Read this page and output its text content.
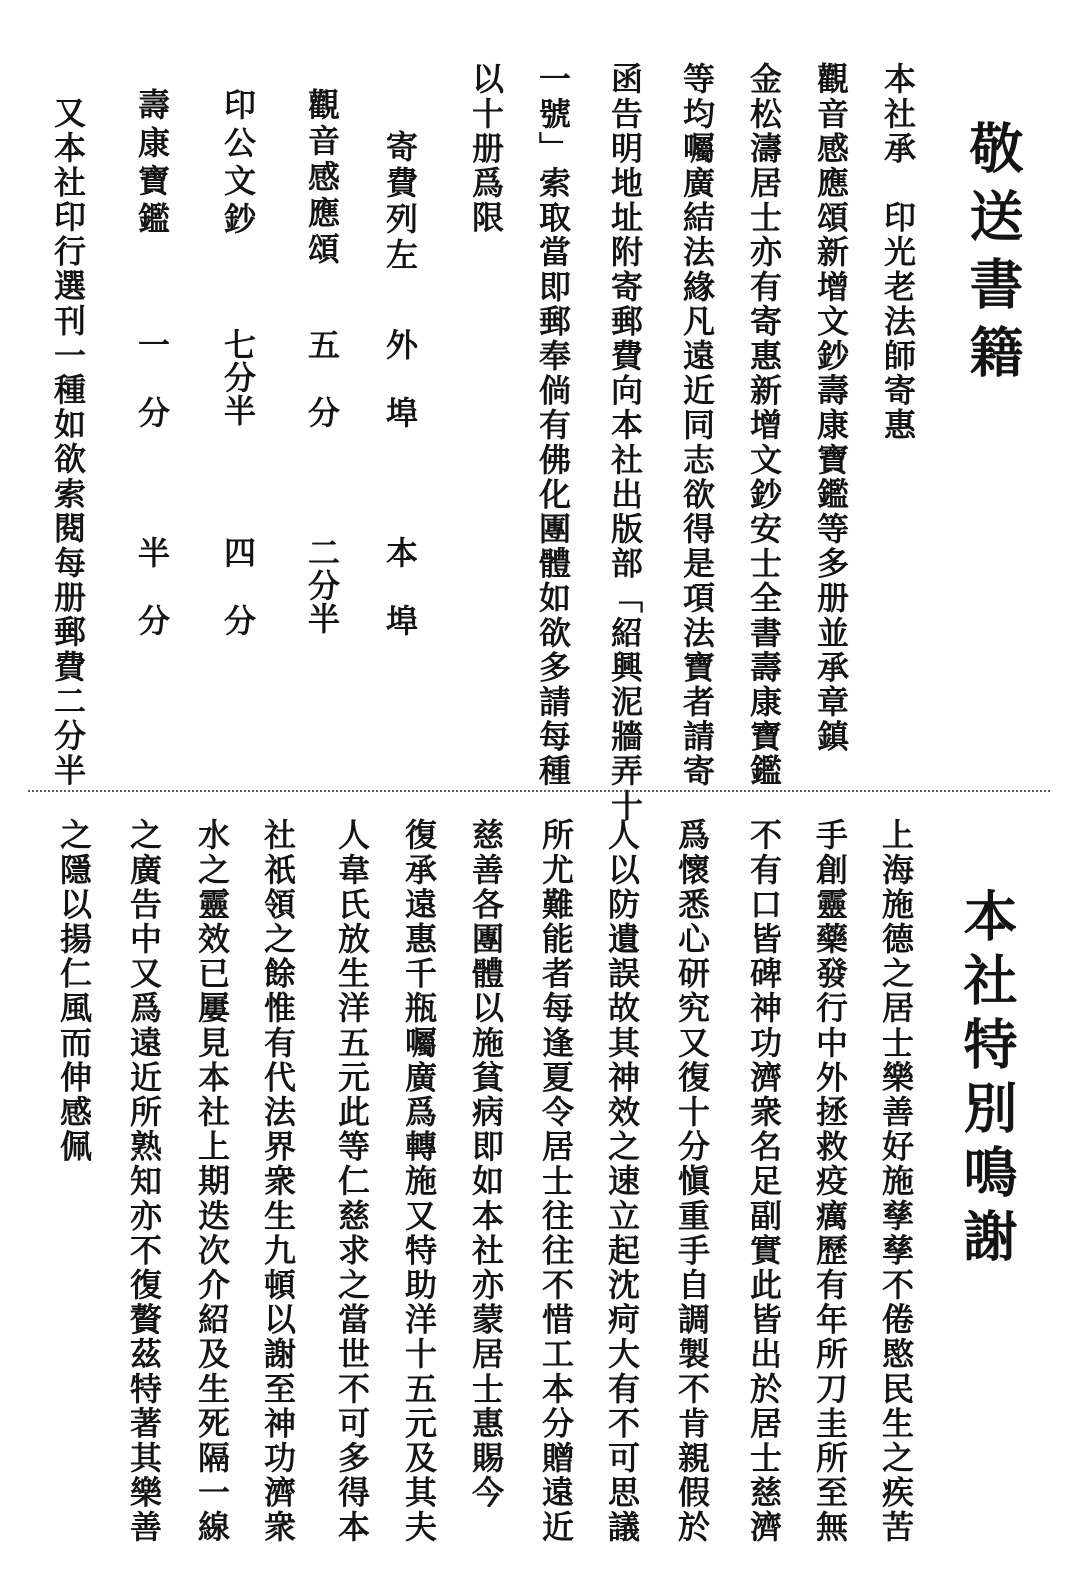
敬送書籍
本社承　印光老法師寄惠
觀音感應頌新增文鈔壽康寶鑑等多册並承章鎮
金松濤居士亦有寄惠新增文鈔安士全書壽康寶鑑
等均囑廣結法緣凡遠近同志欲得是項法寶者請寄
函告明地址附寄郵費向本社出版部「紹興泥牆弄十
一號」索取當即郵奉倘有佛化團體如欲多請每種
以十册爲限
寄費列左
外　埠
本　埠
觀音感應頌
五　分
二分半
印公文鈔
七分半
四　分
壽康寶鑑
一　分
半　分
又本社印行選刊一種如欲索閱每册郵費二分半
本社特別鳴謝
上海施德之居士樂善好施孳孳不倦愍民生之疾苦
手創靈藥發行中外拯救疫癘歷有年所刀圭所至無
不有口皆碑神功濟衆名足副實此皆出於居士慈濟
爲懷悉心研究又復十分愼重手自調製不肯親假於
人以防遺誤故其神效之速立起沈疴大有不可思議
所尤難能者每逢夏令居士往往不惜工本分贈遠近
慈善各團體以施貧病即如本社亦蒙居士惠賜今
復承遠惠千瓶囑廣爲轉施又特助洋十五元及其夫
人韋氏放生洋五元此等仁慈求之當世不可多得本
社祇領之餘惟有代法界衆生九頓以謝至神功濟衆
水之靈效已屢見本社上期迭次介紹及生死隔一線
之廣告中又爲遠近所熟知亦不復贅茲特著其樂善
之隱以揚仁風而伸感佩
